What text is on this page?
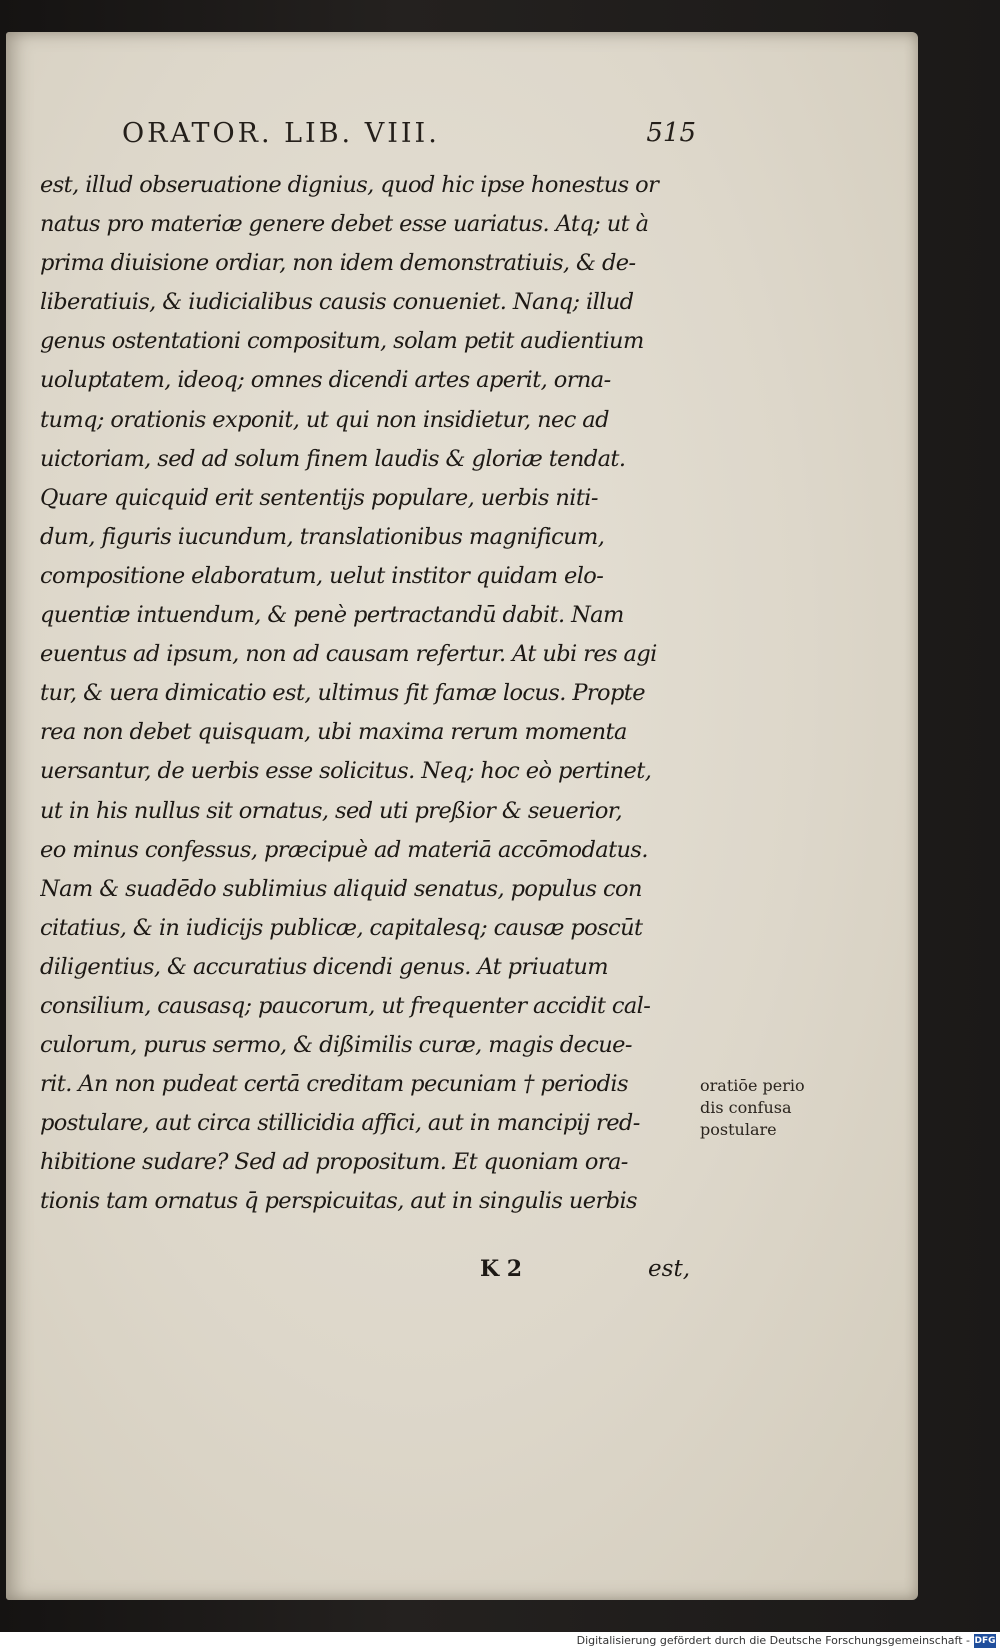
ORATOR. LIB. VIII.	515
est, illud obseruatione dignius, quod hic ipse honestus or
natus pro materiæ genere debet esse uariatus. Atq; ut à
prima diuisione ordiar, non idem demonstratiuis, & de-
liberatiuis, & iudicialibus causis conueniet. Nanq; illud
genus ostentationi compositum, solam petit audientium
uoluptatem, ideoq; omnes dicendi artes aperit, orna-
tumq; orationis exponit, ut qui non insidietur, nec ad
uictoriam, sed ad solum finem laudis & gloriæ tendat.
Quare quicquid erit sententijs populare, uerbis niti-
dum, figuris iucundum, translationibus magnificum,
compositione elaboratum, uelut institor quidam elo-
quentiæ intuendum, & penè pertractandū dabit. Nam
euentus ad ipsum, non ad causam refertur. At ubi res agi
tur, & uera dimicatio est, ultimus fit famæ locus. Propte
rea non debet quisquam, ubi maxima rerum momenta
uersantur, de uerbis esse solicitus. Neq; hoc eò pertinet,
ut in his nullus sit ornatus, sed uti preßior & seuerior,
eo minus confessus, præcipuè ad materiā accōmodatus.
Nam & suadēdo sublimius aliquid senatus, populus con
citatius, & in iudicijs publicæ, capitalesq; causæ poscūt
diligentius, & accuratius dicendi genus. At priuatum
consilium, causasq; paucorum, ut frequenter accidit cal-
culorum, purus sermo, & dißimilis curæ, magis decue-
rit. An non pudeat certā creditam pecuniam † periodis
postulare, aut circa stillicidia affici, aut in mancipij red-
hibitione sudare? Sed ad propositum. Et quoniam ora-
tionis tam ornatus q̄ perspicuitas, aut in singulis uerbis
oratiōe perio
dis confusa
postulare
K 2	est,
Digitalisierung gefördert durch die Deutsche Forschungsgemeinschaft - DFG
